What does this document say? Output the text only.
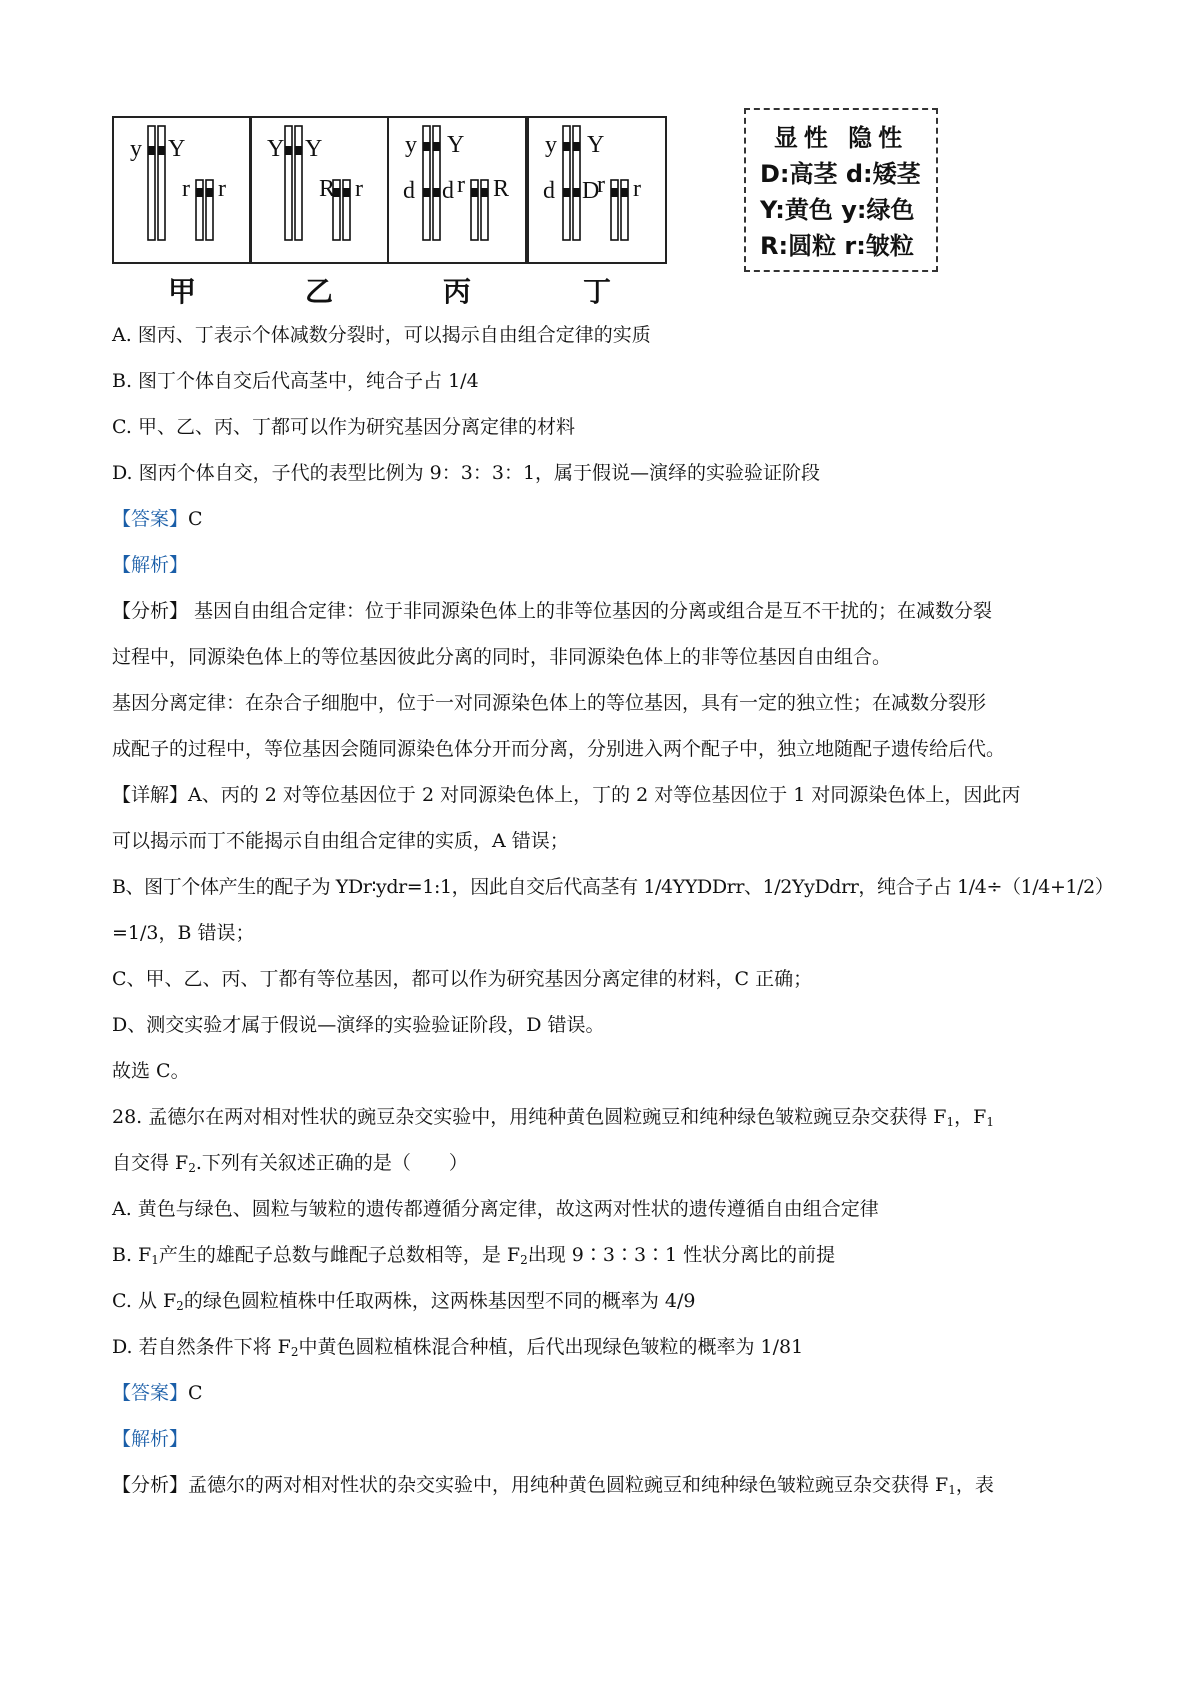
y Y
r r
Y Y
R r
y Y
d d r R
y Y
d D
r r
甲	乙	丙	丁
显性 隐性
D:高茎 d:矮茎
Y:黄色 y:绿色
R:圆粒 r:皱粒
A. 图丙、丁表示个体减数分裂时，可以揭示自由组合定律的实质
B. 图丁个体自交后代高茎中，纯合子占 1/4
C. 甲、乙、丙、丁都可以作为研究基因分离定律的材料
D. 图丙个体自交，子代的表型比例为 9：3：3：1，属于假说—演绎的实验验证阶段
【答案】C
【解析】
【分析】 基因自由组合定律：位于非同源染色体上的非等位基因的分离或组合是互不干扰的；在减数分裂
过程中，同源染色体上的等位基因彼此分离的同时，非同源染色体上的非等位基因自由组合。
基因分离定律：在杂合子细胞中，位于一对同源染色体上的等位基因，具有一定的独立性；在减数分裂形
成配子的过程中，等位基因会随同源染色体分开而分离，分别进入两个配子中，独立地随配子遗传给后代。
【详解】A、丙的 2 对等位基因位于 2 对同源染色体上，丁的 2 对等位基因位于 1 对同源染色体上，因此丙
可以揭示而丁不能揭示自由组合定律的实质，A 错误；
B、图丁个体产生的配子为 YDr∶ydr=1:1，因此自交后代高茎有 1/4YYDDrr、1/2YyDdrr，纯合子占 1/4÷（1/4+1/2）
=1/3，B 错误；
C、甲、乙、丙、丁都有等位基因，都可以作为研究基因分离定律的材料，C 正确；
D、测交实验才属于假说—演绎的实验验证阶段，D 错误。
故选 C。
28. 孟德尔在两对相对性状的豌豆杂交实验中，用纯种黄色圆粒豌豆和纯种绿色皱粒豌豆杂交获得 $F_1$，$F_1$
自交得 $F_2$.下列有关叙述正确的是（　　）
A. 黄色与绿色、圆粒与皱粒的遗传都遵循分离定律，故这两对性状的遗传遵循自由组合定律
B. $F_1$产生的雄配子总数与雌配子总数相等，是 $F_2$出现 9∶3∶3∶1 性状分离比的前提
C. 从 $F_2$的绿色圆粒植株中任取两株，这两株基因型不同的概率为 4/9
D. 若自然条件下将 $F_2$中黄色圆粒植株混合种植，后代出现绿色皱粒的概率为 1/81
【答案】C
【解析】
【分析】孟德尔的两对相对性状的杂交实验中，用纯种黄色圆粒豌豆和纯种绿色皱粒豌豆杂交获得 $F_1$，表
